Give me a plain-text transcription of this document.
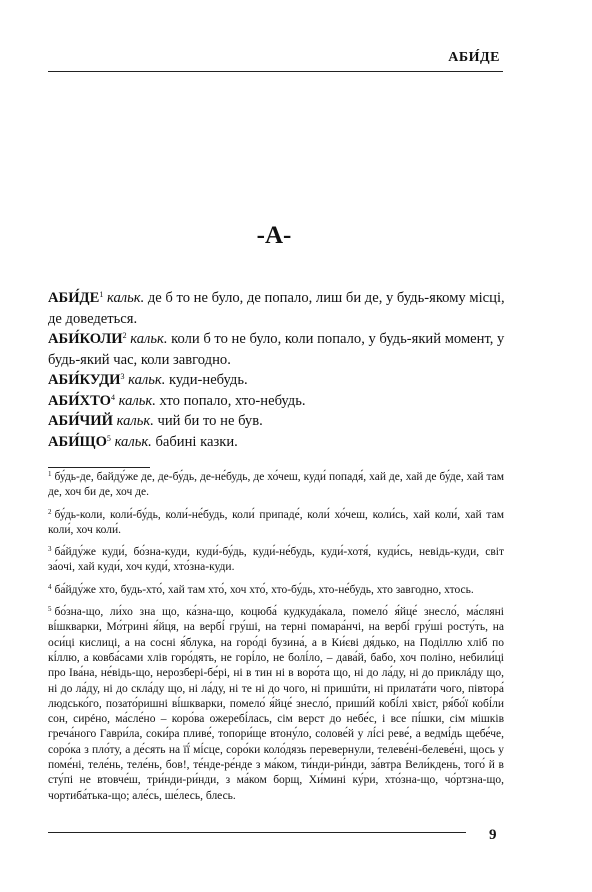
АБИ́ДЕ
-А-

$АБИ́ДЕ^1$ кальк. де б то не було, де попало, лиш би де, у будь-якому місці, де доведеться.

АБИ́КОЛИ$^2$ кальк. коли б то не було, коли попало, у будь-який момент, у будь-який час, коли завгодно.

АБИ́КУДИ$^3$ кальк. куди-небудь.

АБИ́ХТО$^4$ кальк. хто попало, хто-небудь.

АБИ́ЧИЙ кальк. чий би то не був.

$АБИ́ЩО^5$ кальк. бабині казки.

$^1$ бу́дь-де, байду́же де, де-бу́дь, де-не́будь, де хо́чеш, куди́ попадя́, хай де, хай де бу́де, хай там де, хоч би де, хоч де.

$^2$ бу́дь-коли, коли́-бу́дь, коли́-не́будь, коли́ припаде́, коли́ хо́чеш, коли́сь, хай коли́, хай там коли́, хоч коли́.

$^3$ ба́йду́же куди́, бо́зна-куди, куди́-бу́дь, куди́-не́будь, куди́-хотя́, куди́сь, невідь-куди, світ за́очі, хай куди́, хоч куди́, хто́зна-куди.

$^4$ ба́йду́же хто, будь-хто́, хай там хто́, хоч хто́, хто-бу́дь, хто-не́будь, хто завгодно, хтось.

$^5$ бо́зна-що, ли́хо зна що, ка́зна-що, коцюба́ кудкуда́кала, помело́ я́йце́ знесло́, ма́сляні ві́шкварки, Мо́трині я́йця, на вербі́ гру́ші, на терні помара́нчі, на вербі́ гру́ші росту́ть, на оси́ці кислиці, а на сосні я́блука, на горо́ді бузина́, а в Ки́єві дя́дько, на Поділлю хліб по кі́ллю, а ковба́сами хлів горо́дять, не горі́ло, не болі́ло, – дава́й, бабо, хоч поліно, небили́ці про Іва́на, не́відь-що, нерозбері-бе́рі, ні в тин ні в воро́та що, ні до ла́ду, ні до приклáду що, ні до ла́ду, ні до скла́ду що, ні ла́ду, ні те ні до чого, ні пришúти, ні прилата́ти чого, півтора́ людсько́го, позато́ришні ві́шкварки, помело́ я́йце́ знесло́, приши́й кобі́лі хвіст, ря́бо́ї кобі́ли сон, сирéно, ма́сле́но – коро́ва ожеребі́лась, сім верст до небе́с, і все пі́шки, сім мішків греча́ного Гаври́ла, соки́ра пливе́, топори́ще втону́ло, солове́й у лі́сі реве́, а ведмі́дь щебе́че, соро́ка з пло́ту, а де́сять на її́ мі́сце, соро́ки коло́дязь перевернули, телеве́ні-белеве́ні, щось у поме́ні, теле́нь, теле́нь, бов!, те́нде-ре́нде з ма́ком, ти́нди-ри́нди, за́втра Вели́кдень, того́ й в сту́пі не втовче́ш, три́нди-ри́нди, з ма́ком борщ, Хи́мині ку́ри, хто́зна-що, чо́ртзна-що, чортиба́тька-що; але́сь, ше́лесь, блесь.

9
